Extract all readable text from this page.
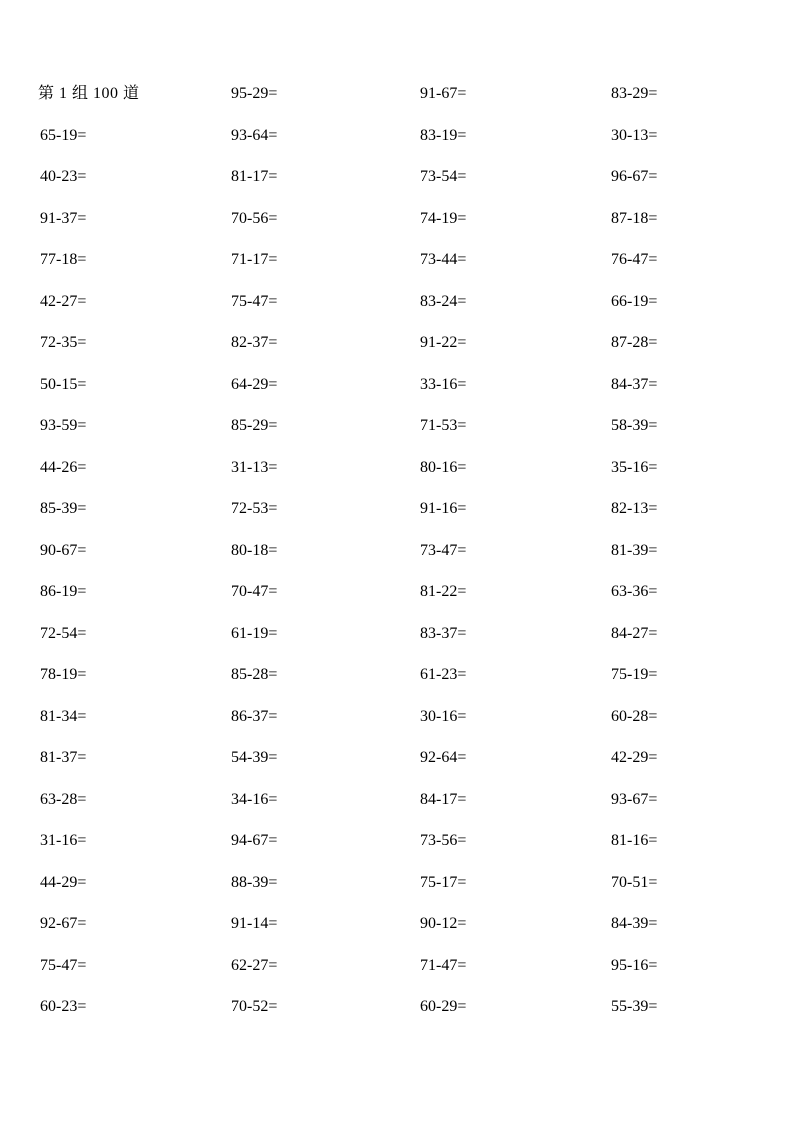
第 1 组 100 道	95-29=	91-67=	83-29=
65-19=	93-64=	83-19=	30-13=
40-23=	81-17=	73-54=	96-67=
91-37=	70-56=	74-19=	87-18=
77-18=	71-17=	73-44=	76-47=
42-27=	75-47=	83-24=	66-19=
72-35=	82-37=	91-22=	87-28=
50-15=	64-29=	33-16=	84-37=
93-59=	85-29=	71-53=	58-39=
44-26=	31-13=	80-16=	35-16=
85-39=	72-53=	91-16=	82-13=
90-67=	80-18=	73-47=	81-39=
86-19=	70-47=	81-22=	63-36=
72-54=	61-19=	83-37=	84-27=
78-19=	85-28=	61-23=	75-19=
81-34=	86-37=	30-16=	60-28=
81-37=	54-39=	92-64=	42-29=
63-28=	34-16=	84-17=	93-67=
31-16=	94-67=	73-56=	81-16=
44-29=	88-39=	75-17=	70-51=
92-67=	91-14=	90-12=	84-39=
75-47=	62-27=	71-47=	95-16=
60-23=	70-52=	60-29=	55-39=
